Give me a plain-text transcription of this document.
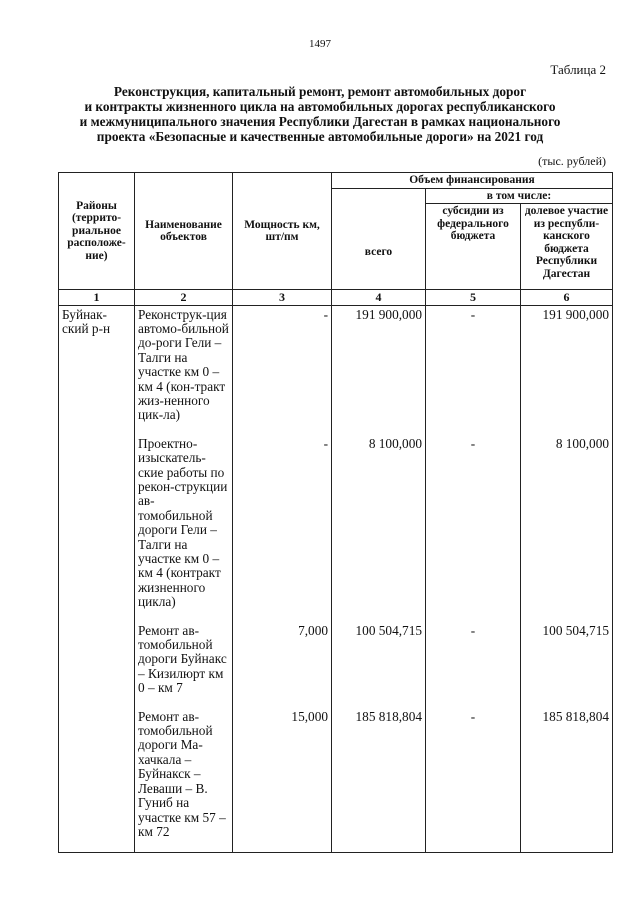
1497
Таблица 2
Реконструкция, капитальный ремонт, ремонт автомобильных дорог
и контракты жизненного цикла на автомобильных дорогах республиканского
и межмуниципального значения Республики Дагестан в рамках национального
проекта «Безопасные и качественные автомобильные дороги» на 2021 год
(тыс. рублей)
Районы (террито-риальное расположе-ние)	Наименование объектов	Мощность км, шт/пм	Объем финансирования		
			всего	в том числе:	
				субсидии из федерального бюджета	долевое участие из республи-канского бюджета Республики Дагестан
1	2	3	4	5	6
Буйнак-ский р-н	Реконструк-ция автомо-бильной до-роги Гели – Талги на участке км 0 – км 4 (кон-тракт жиз-ненного цик-ла)	-	191 900,000	-	191 900,000
	Проектно-изыскатель-ские работы по рекон-струкции ав-томобильной дороги Гели – Талги на участке км 0 – км 4 (контракт жизненного цикла)	-	8 100,000	-	8 100,000
	Ремонт ав-томобильной дороги Буйнакс – Кизилюрт км 0 – км 7	7,000	100 504,715	-	100 504,715
	Ремонт ав-томобильной дороги Ма-хачкала – Буйнакск – Леваши – В. Гуниб на участке км 57 – км 72	15,000	185 818,804	-	185 818,804
